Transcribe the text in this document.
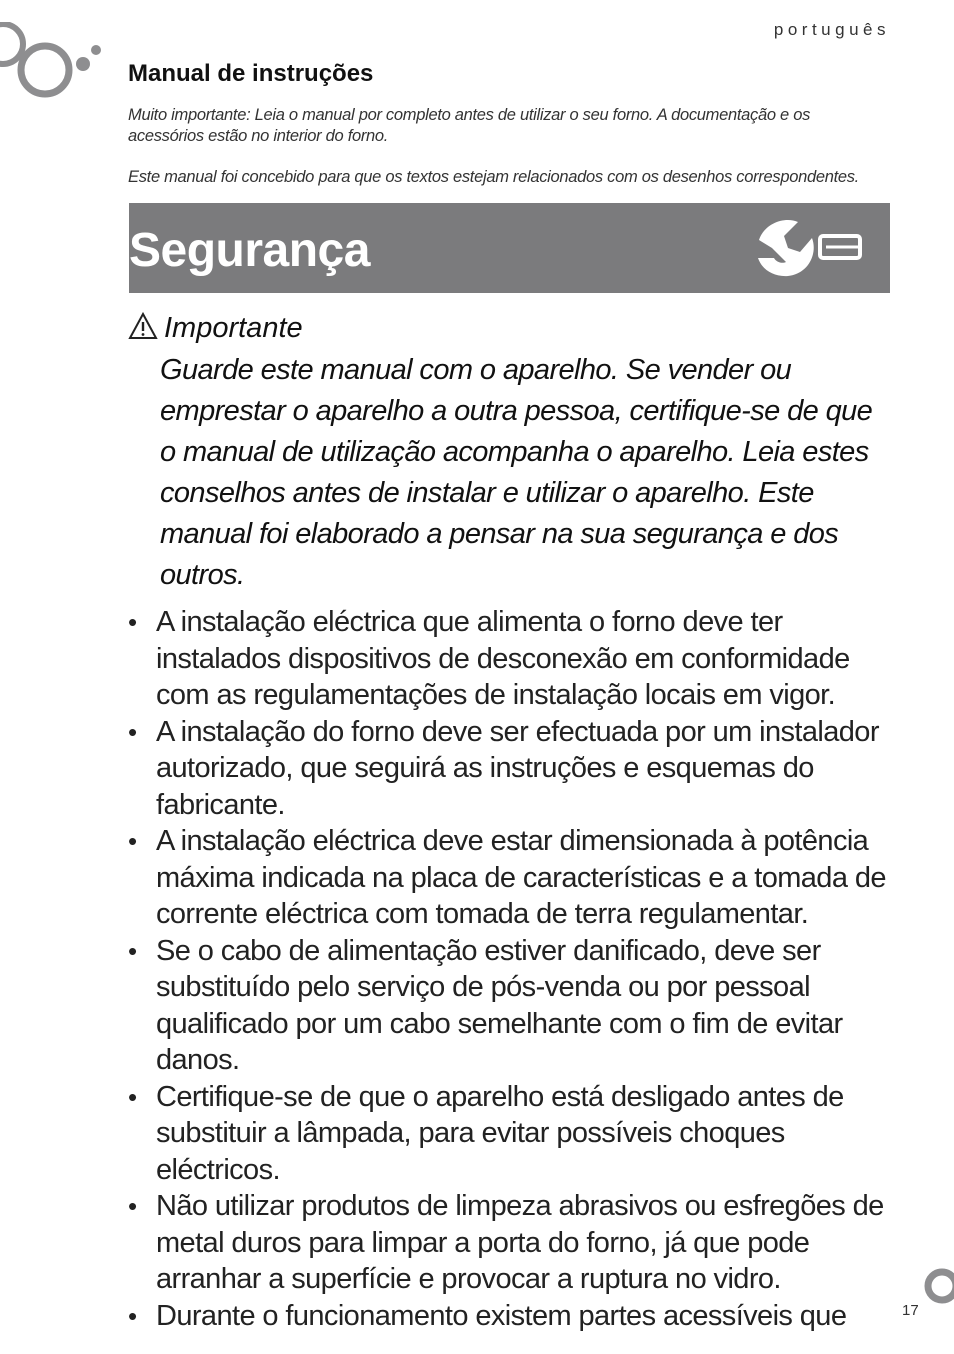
português
Manual de instruções
Muito importante: Leia o manual por completo antes de utilizar o seu forno. A documentação e os acessórios estão no interior do forno.
Este manual foi concebido para que os textos estejam relacionados com os desenhos correspondentes.
Segurança
Importante

Guarde este manual com o aparelho. Se vender ou emprestar o aparelho a outra pessoa, certifique-se de que o manual de utilização acompanha o aparelho. Leia estes conselhos antes de instalar e utilizar o aparelho. Este manual foi elaborado a pensar na sua segurança e dos outros.

• A instalação eléctrica que alimenta o forno deve ter instalados dispositivos de desconexão em conformidade com as regulamentações de instalação locais em vigor.
• A instalação do forno deve ser efectuada por um instalador autorizado, que seguirá as instruções e esquemas do fabricante.
• A instalação eléctrica deve estar dimensionada à potência máxima indicada na placa de características e a tomada de corrente eléctrica com tomada de terra regulamentar.
• Se o cabo de alimentação estiver danificado, deve ser substituído pelo serviço de pós-venda ou por pessoal qualificado por um cabo semelhante com o fim de evitar danos.
• Certifique-se de que o aparelho está desligado antes de substituir a lâmpada, para evitar possíveis choques eléctricos.
• Não utilizar produtos de limpeza abrasivos ou esfregões de metal duros para limpar a porta do forno, já que pode arranhar a superfície e provocar a ruptura no vidro.
• Durante o funcionamento existem partes acessíveis que	17
